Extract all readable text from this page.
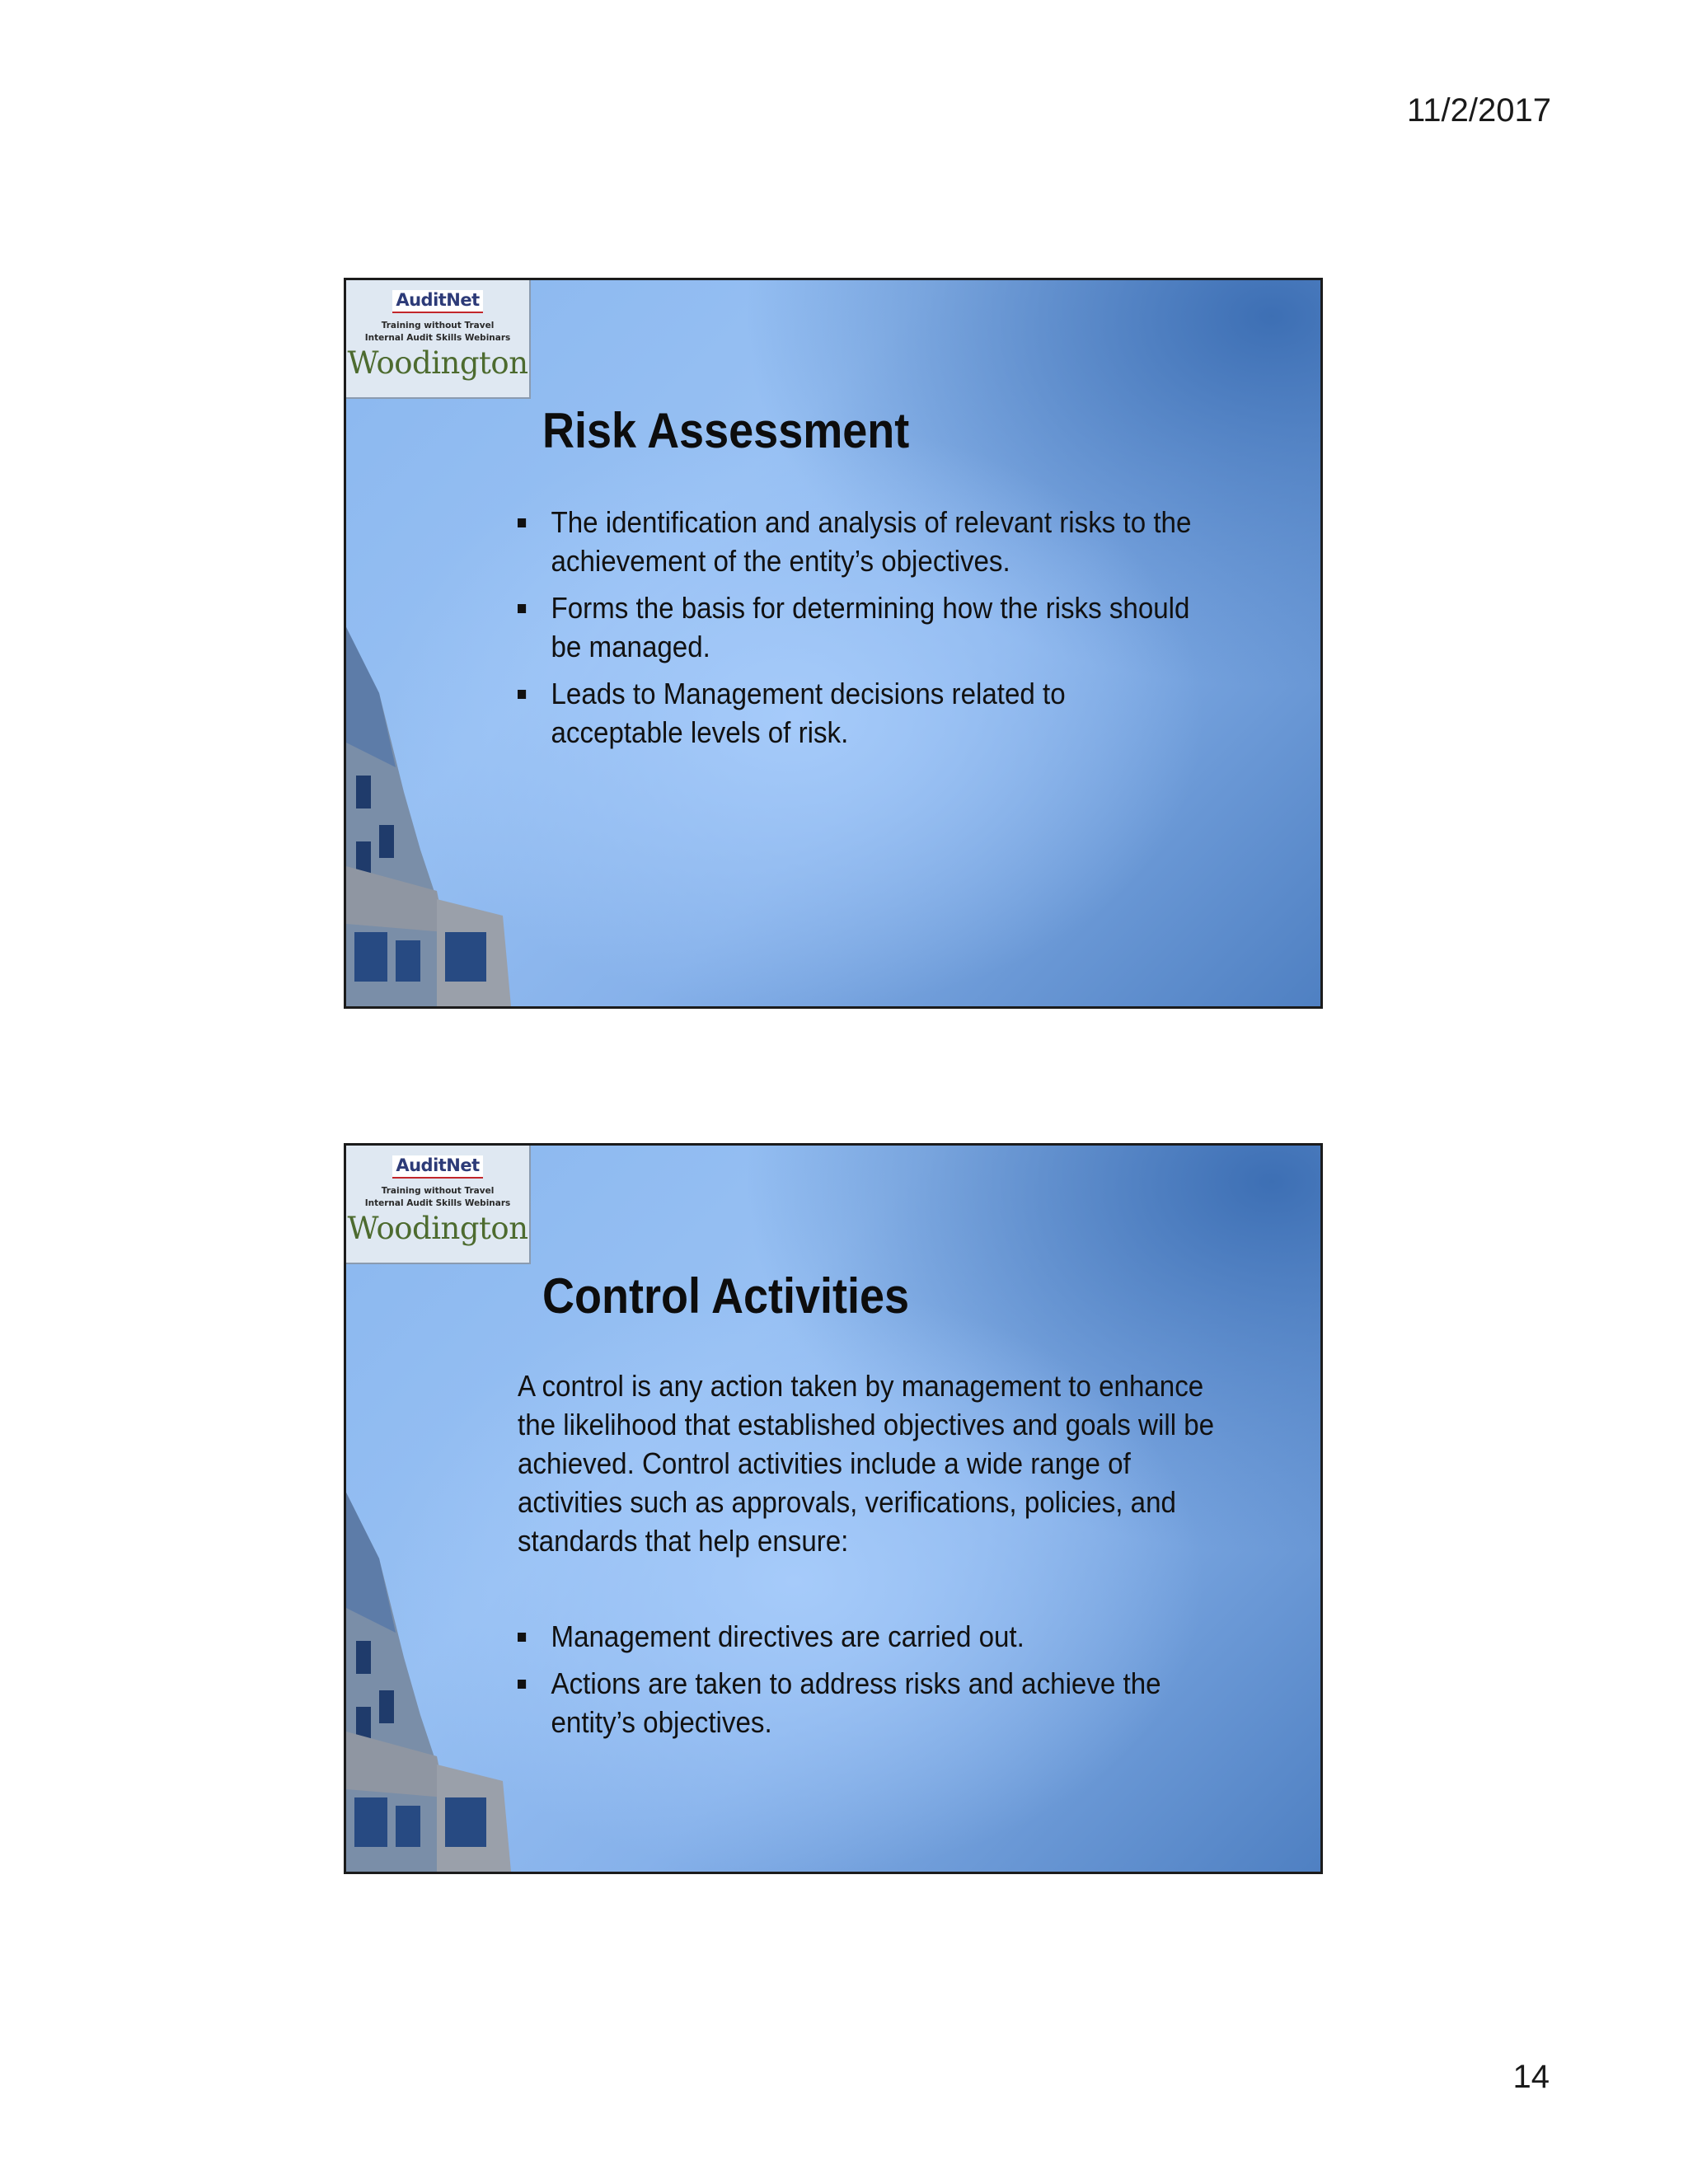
11/2/2017
AuditNet
Training without Travel
Internal Audit Skills Webinars
Woodington
Risk Assessment
The identification and analysis of relevant risks to the achievement of the entity’s objectives.
Forms the basis for determining how the risks should be managed.
Leads to Management decisions related to acceptable levels of risk.
AuditNet
Training without Travel
Internal Audit Skills Webinars
Woodington
Control Activities
A control is any action taken by management to enhance the likelihood that established objectives and goals will be achieved. Control activities include a wide range of activities such as approvals, verifications, policies, and standards that help ensure:
Management directives are carried out.
Actions are taken to address risks and achieve the entity’s objectives.
14
